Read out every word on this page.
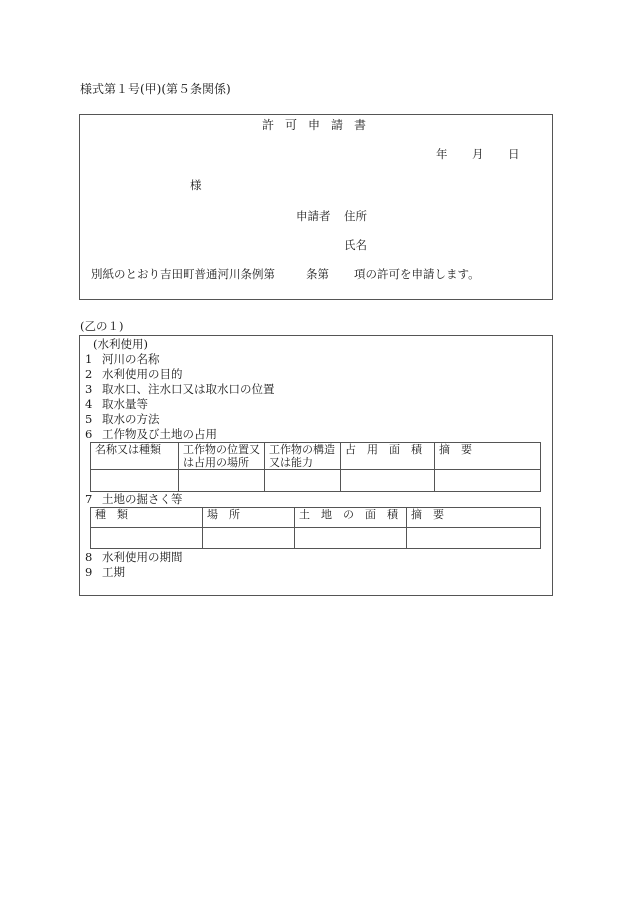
様式第１号(甲)(第５条関係)
許 可 申 請 書
年 月 日
様
申請者 住所
氏名
別紙のとおり吉田町普通河川条例第	条第 項の許可を申請します。
(乙の１)
(水利使用)
1 河川の名称
2 水利使用の目的
3 取水口、注水口又は取水口の位置
4 取水量等
5 取水の方法
6 工作物及び土地の占用
名称又は種類	工作物の位置又は占用の場所	工作物の構造又は能力	占　用　面　積	摘　要

7 土地の掘さく等
種　類	場　所	土　地　の　面　積	摘　要

8 水利使用の期間
9 工期
